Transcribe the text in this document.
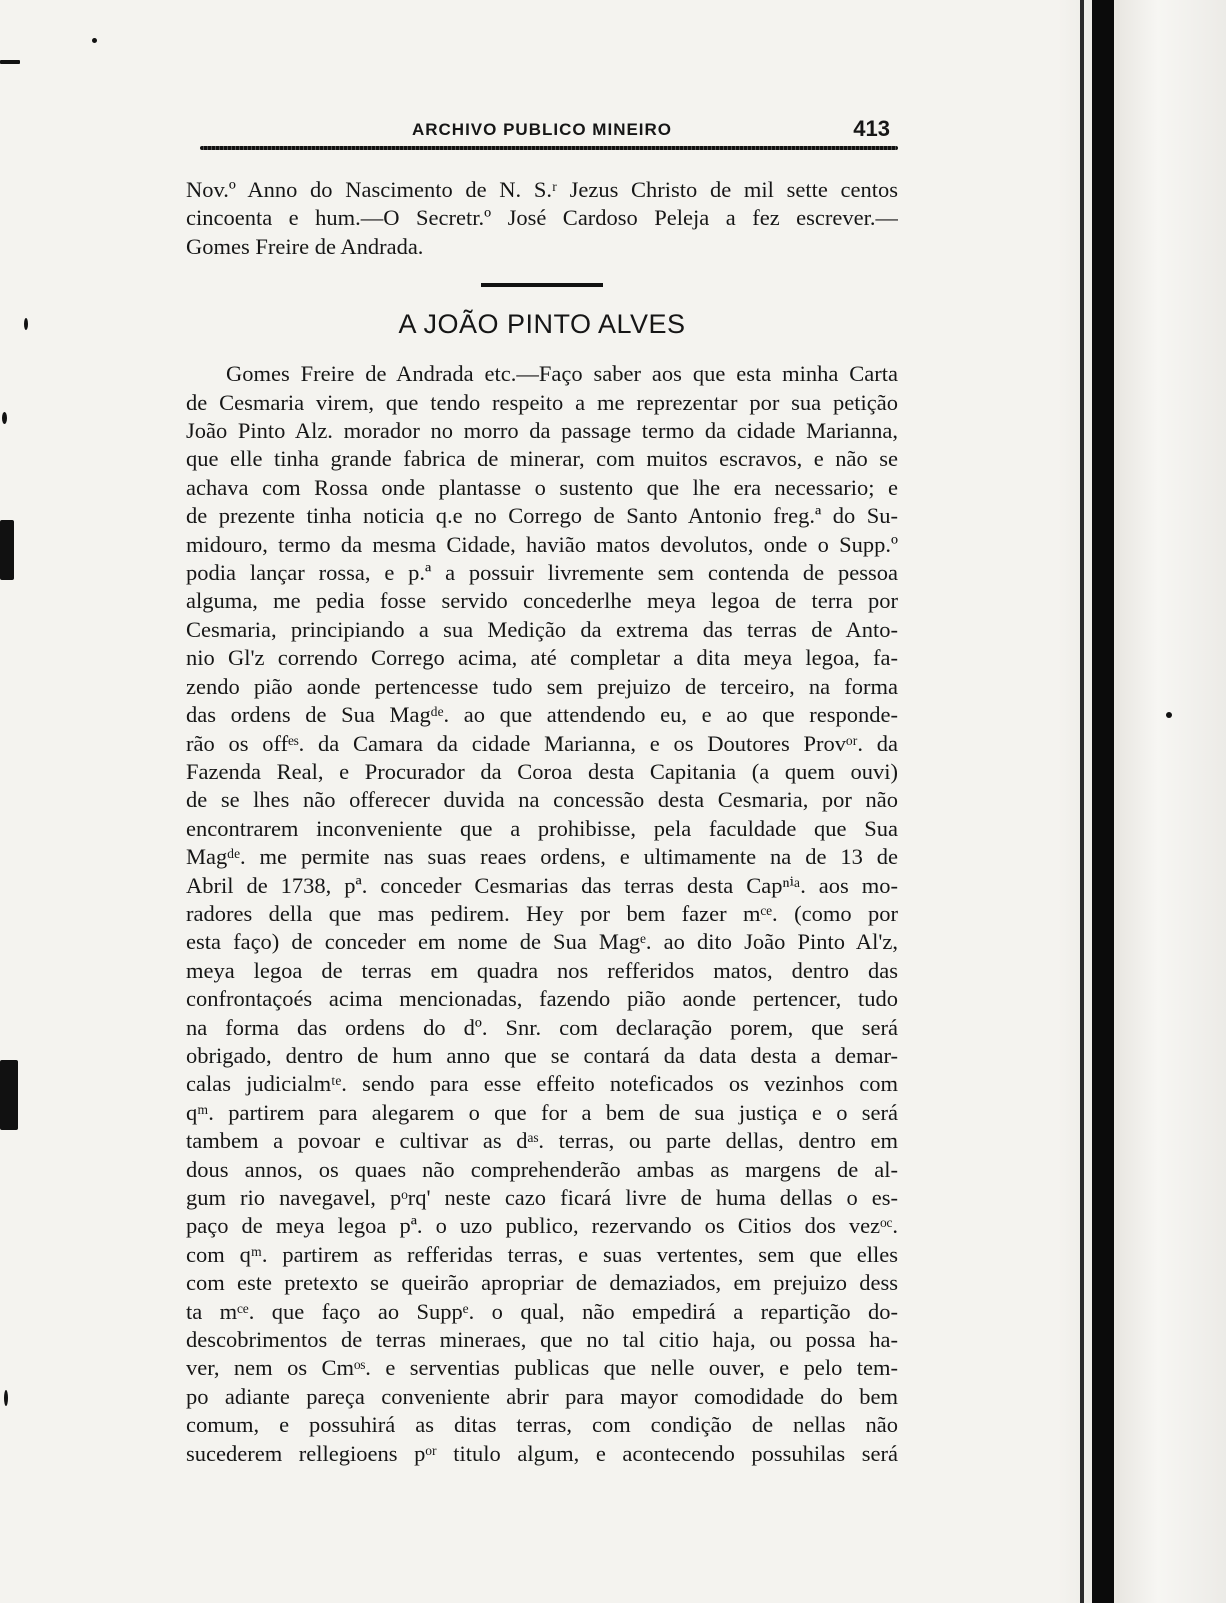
ARCHIVO PUBLICO MINEIRO	413

Nov.º Anno do Nascimento de N. S.ʳ Jezus Christo de mil sette centos
cincoenta e hum.—O Secretr.º José Cardoso Peleja a fez escrever.—
Gomes Freire de Andrada.

A JOÃO PINTO ALVES

Gomes Freire de Andrada etc.—Faço saber aos que esta minha Carta
de Cesmaria virem, que tendo respeito a me reprezentar por sua petição
João Pinto Alz. morador no morro da passage termo da cidade Marianna,
que elle tinha grande fabrica de minerar, com muitos escravos, e não se
achava com Rossa onde plantasse o sustento que lhe era necessario; e
de prezente tinha noticia q.e no Corrego de Santo Antonio freg.ª do Su-
midouro, termo da mesma Cidade, havião matos devolutos, onde o Supp.º
podia lançar rossa, e p.ª a possuir livremente sem contenda de pessoa
alguma, me pedia fosse servido concederlhe meya legoa de terra por
Cesmaria, principiando a sua Medição da extrema das terras de Anto-
nio Gl'z correndo Corrego acima, até completar a dita meya legoa, fa-
zendo pião aonde pertencesse tudo sem prejuizo de terceiro, na forma
das ordens de Sua Magᵈᵉ. ao que attendendo eu, e ao que responde-
rão os offᵉˢ. da Camara da cidade Marianna, e os Doutores Provᵒʳ. da
Fazenda Real, e Procurador da Coroa desta Capitania (a quem ouvi)
de se lhes não offerecer duvida na concessão desta Cesmaria, por não
encontrarem inconveniente que a prohibisse, pela faculdade que Sua
Magᵈᵉ. me permite nas suas reaes ordens, e ultimamente na de 13 de
Abril de 1738, pª. conceder Cesmarias das terras desta Capⁿⁱᵃ. aos mo-
radores della que mas pedirem. Hey por bem fazer mᶜᵉ. (como por
esta faço) de conceder em nome de Sua Magᵉ. ao dito João Pinto Al'z,
meya legoa de terras em quadra nos refferidos matos, dentro das
confrontaçoés acima mencionadas, fazendo pião aonde pertencer, tudo
na forma das ordens do dº. Snr. com declaração porem, que será
obrigado, dentro de hum anno que se contará da data desta a demar-
calas judicialmᵗᵉ. sendo para esse effeito noteficados os vezinhos com
qᵐ. partirem para alegarem o que for a bem de sua justiça e o será
tambem a povoar e cultivar as dᵃˢ. terras, ou parte dellas, dentro em
dous annos, os quaes não comprehenderão ambas as margens de al-
gum rio navegavel, pᵒrq' neste cazo ficará livre de huma dellas o es-
paço de meya legoa pª. o uzo publico, rezervando os Citios dos vezᵒᶜ.
com qᵐ. partirem as refferidas terras, e suas vertentes, sem que elles
com este pretexto se queirão apropriar de demaziados, em prejuizo dess
ta mᶜᵉ. que faço ao Suppᵉ. o qual, não empedirá a repartição do-
descobrimentos de terras mineraes, que no tal citio haja, ou possa ha-
ver, nem os Cmᵒˢ. e serventias publicas que nelle ouver, e pelo tem-
po adiante pareça conveniente abrir para mayor comodidade do bem
comum, e possuhirá as ditas terras, com condição de nellas não
sucederem rellegioens pᵒʳ titulo algum, e acontecendo possuhilas será
